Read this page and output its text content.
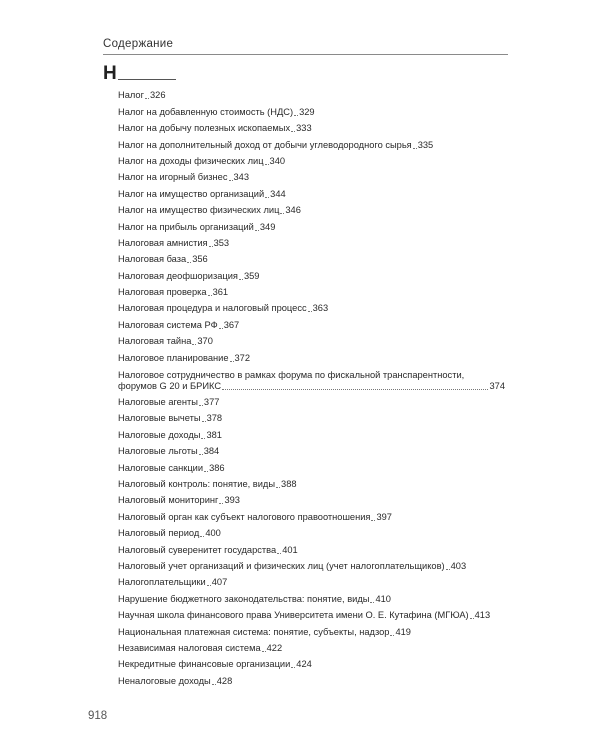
Содержание
Н
Налог 326
Налог на добавленную стоимость (НДС) 329
Налог на добычу полезных ископаемых 333
Налог на дополнительный доход от добычи углеводородного сырья 335
Налог на доходы физических лиц 340
Налог на игорный бизнес 343
Налог на имущество организаций 344
Налог на имущество физических лиц 346
Налог на прибыль организаций 349
Налоговая амнистия 353
Налоговая база 356
Налоговая деофшоризация 359
Налоговая проверка 361
Налоговая процедура и налоговый процесс 363
Налоговая система РФ 367
Налоговая тайна 370
Налоговое планирование 372
Налоговое сотрудничество в рамках форума по фискальной транспарентности,
форумов G 20 и БРИКС	374
Налоговые агенты 377
Налоговые вычеты 378
Налоговые доходы 381
Налоговые льготы 384
Налоговые санкции 386
Налоговый контроль: понятие, виды 388
Налоговый мониторинг 393
Налоговый орган как субъект налогового правоотношения 397
Налоговый период 400
Налоговый суверенитет государства 401
Налоговый учет организаций и физических лиц (учет налогоплательщиков) 403
Налогоплательщики 407
Нарушение бюджетного законодательства: понятие, виды 410
Научная школа финансового права Университета имени О. Е. Кутафина (МГЮА) 413
Национальная платежная система: понятие, субъекты, надзор 419
Независимая налоговая система 422
Некредитные финансовые организации 424
Неналоговые доходы 428
918
